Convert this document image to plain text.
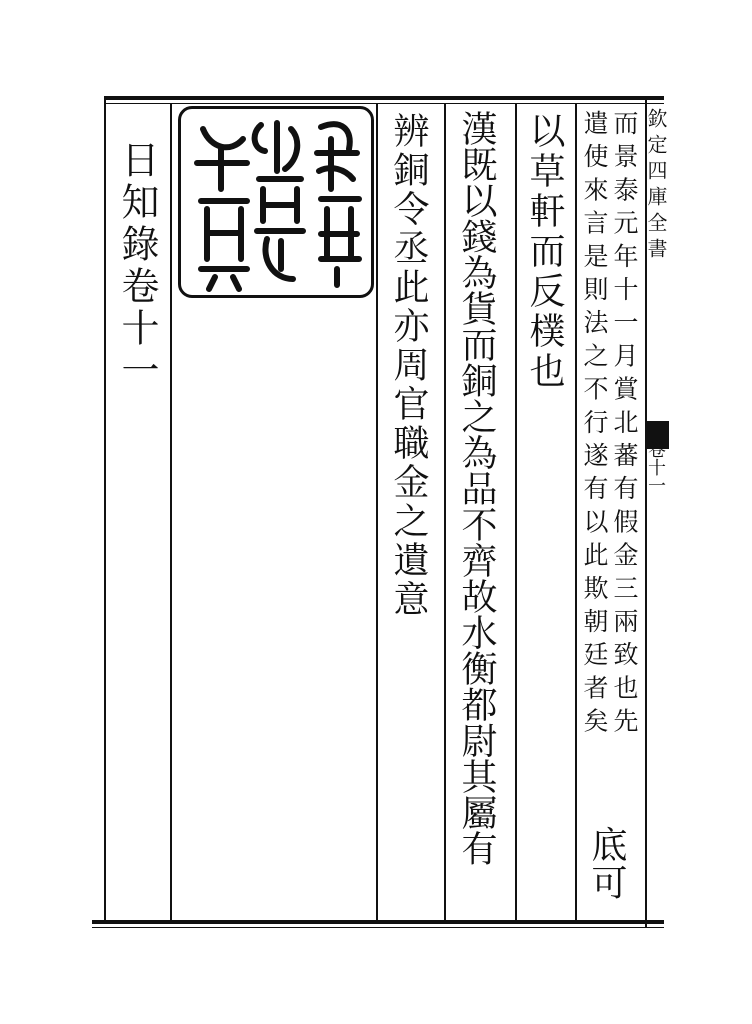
欽定四庫全書
卷十一
而景泰元年十一月賞北蕃有假金三兩致也先
遣使來言是則法之不行遂有以此欺朝廷者矣
底可
以草軒而反樸也
漢既以錢為貨而銅之為品不齊故水衡都尉其屬有
辨銅令丞此亦周官職金之遺意
日知錄卷十一
